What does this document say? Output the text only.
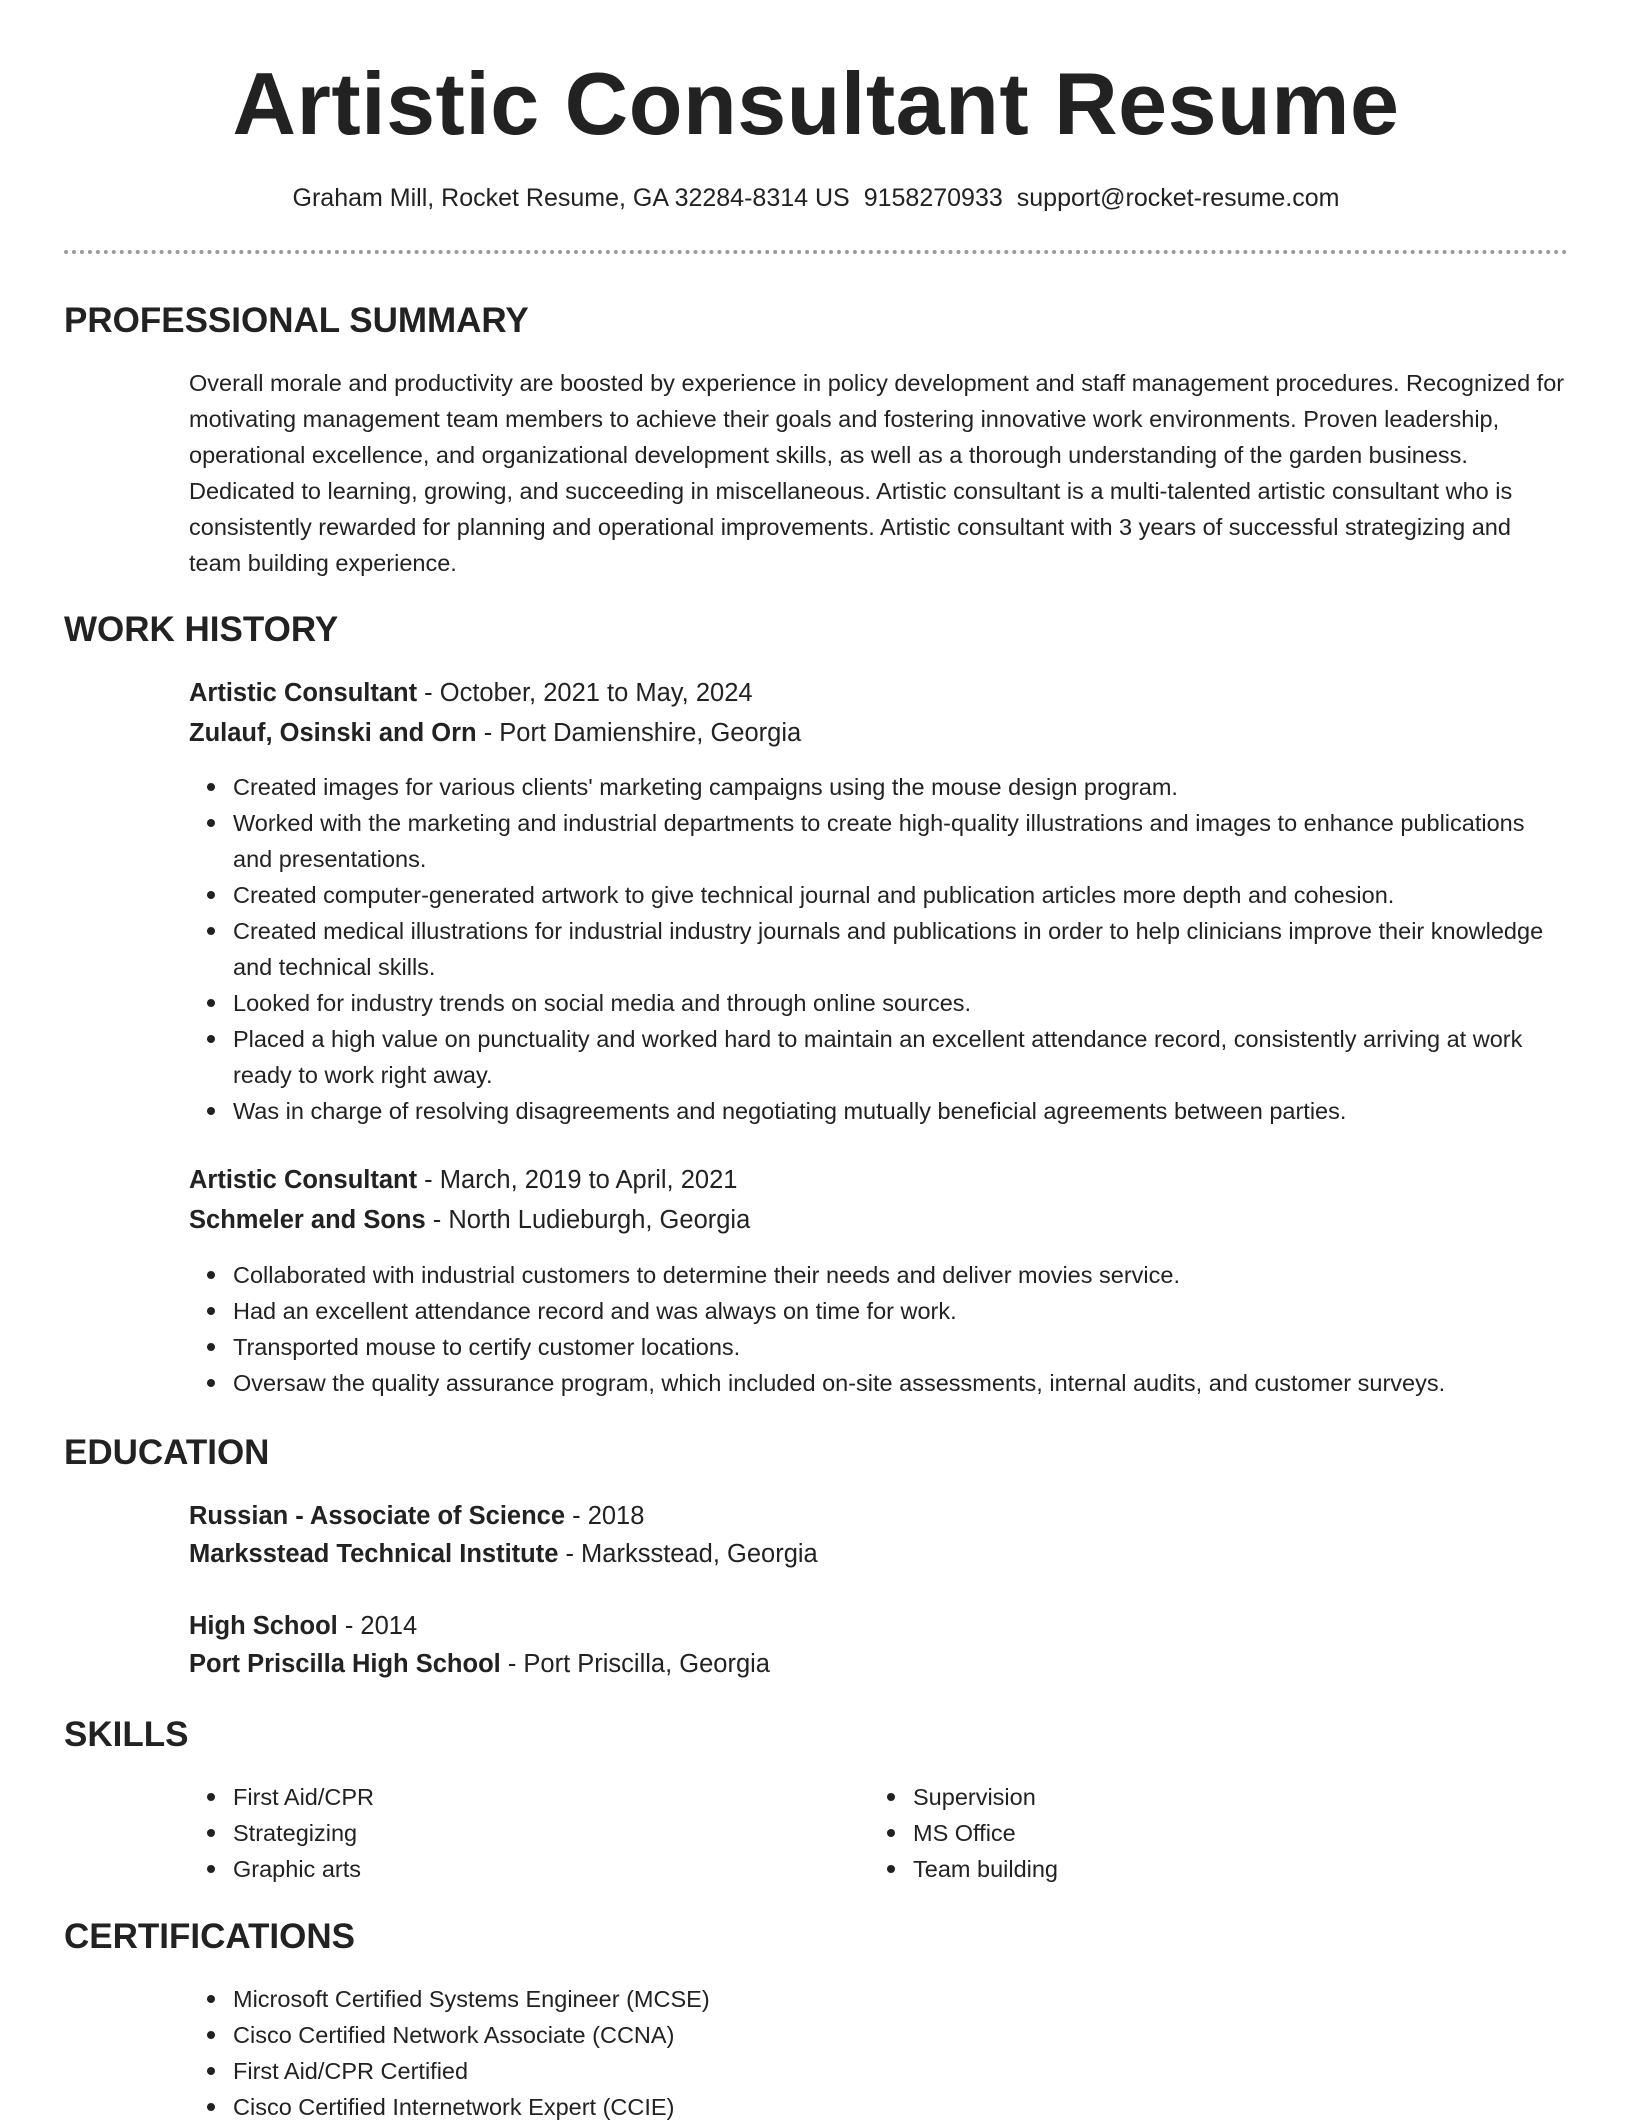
Artistic Consultant Resume
Graham Mill, Rocket Resume, GA 32284-8314 US 9158270933 support@rocket-resume.com
PROFESSIONAL SUMMARY

Overall morale and productivity are boosted by experience in policy development and staff management procedures. Recognized for motivating management team members to achieve their goals and fostering innovative work environments. Proven leadership, operational excellence, and organizational development skills, as well as a thorough understanding of the garden business. Dedicated to learning, growing, and succeeding in miscellaneous. Artistic consultant is a multi-talented artistic consultant who is consistently rewarded for planning and operational improvements. Artistic consultant with 3 years of successful strategizing and team building experience.

WORK HISTORY

Artistic Consultant - October, 2021 to May, 2024

Zulauf, Osinski and Orn - Port Damienshire, Georgia

Created images for various clients' marketing campaigns using the mouse design program.
Worked with the marketing and industrial departments to create high-quality illustrations and images to enhance publications and presentations.
Created computer-generated artwork to give technical journal and publication articles more depth and cohesion.
Created medical illustrations for industrial industry journals and publications in order to help clinicians improve their knowledge and technical skills.
Looked for industry trends on social media and through online sources.
Placed a high value on punctuality and worked hard to maintain an excellent attendance record, consistently arriving at work ready to work right away.
Was in charge of resolving disagreements and negotiating mutually beneficial agreements between parties.

Artistic Consultant - March, 2019 to April, 2021

Schmeler and Sons - North Ludieburgh, Georgia

Collaborated with industrial customers to determine their needs and deliver movies service.
Had an excellent attendance record and was always on time for work.
Transported mouse to certify customer locations.
Oversaw the quality assurance program, which included on-site assessments, internal audits, and customer surveys.
EDUCATION

Russian - Associate of Science - 2018

Marksstead Technical Institute - Marksstead, Georgia

High School - 2014

Port Priscilla High School - Port Priscilla, Georgia

SKILLS
First Aid/CPR
Strategizing
Graphic arts
Supervision
MS Office
Team building
CERTIFICATIONS
Microsoft Certified Systems Engineer (MCSE)
Cisco Certified Network Associate (CCNA)
First Aid/CPR Certified
Cisco Certified Internetwork Expert (CCIE)
